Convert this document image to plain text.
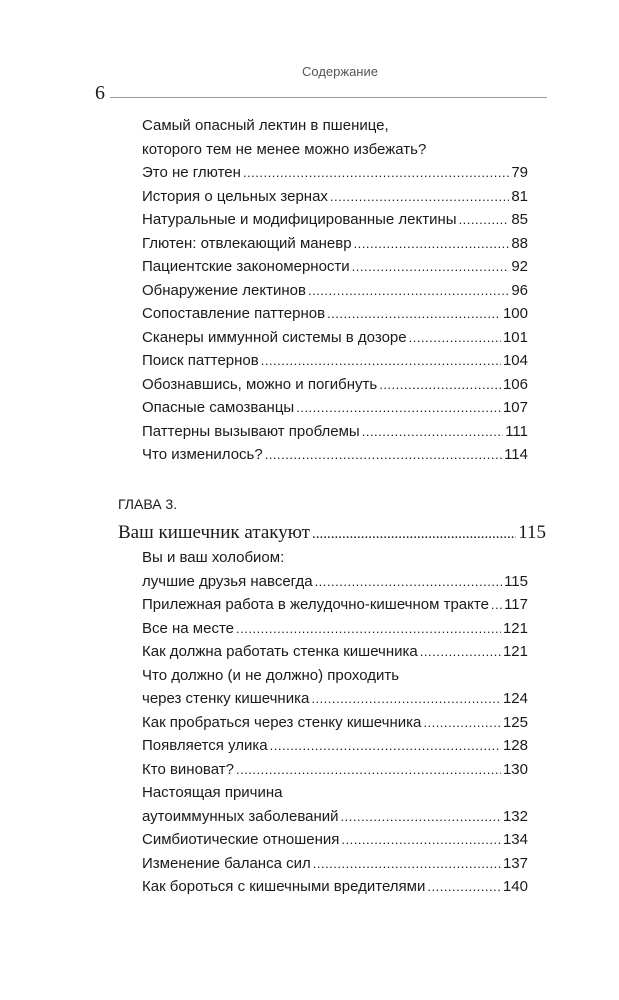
6
Содержание
Самый опасный лектин в пшенице,
которого тем не менее можно избежать?
Это не глютен .....	79
История о цельных зернах .....	81
Натуральные и модифицированные лектины .....	85
Глютен: отвлекающий маневр .....	88
Пациентские закономерности .....	92
Обнаружение лектинов .....	96
Сопоставление паттернов .....	100
Сканеры иммунной системы в дозоре .....	101
Поиск паттернов .....	104
Обознавшись, можно и погибнуть .....	106
Опасные самозванцы .....	107
Паттерны вызывают проблемы .....	111
Что изменилось? .....	114
ГЛАВА 3.
Ваш кишечник атакуют .....	115
Вы и ваш холобиом:
лучшие друзья навсегда .....	115
Прилежная работа в желудочно-кишечном тракте ..... 117
Все на месте .....	121
Как должна работать стенка кишечника .....	121
Что должно (и не должно) проходить
через стенку кишечника .....	124
Как пробраться через стенку кишечника .....	125
Появляется улика .....	128
Кто виноват? .....	130
Настоящая причина
аутоиммунных заболеваний .....	132
Симбиотические отношения .....	134
Изменение баланса сил .....	137
Как бороться с кишечными вредителями .....	140
